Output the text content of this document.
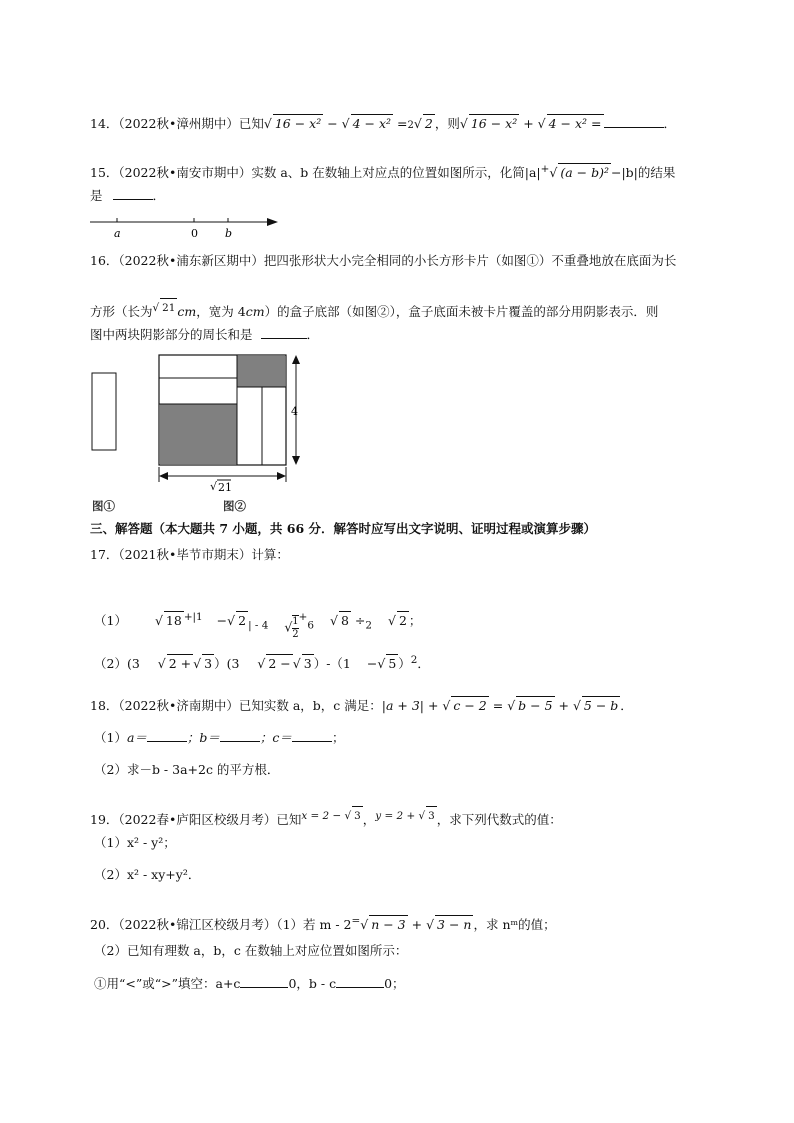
14．（2022秋•漳州期中）已知√ 16 − x² − √ 4 − x² =2√ 2 ，则√ 16 − x² + √ 4 − x² =	．
15．（2022秋•南安市期中）实数 a、b 在数轴上对应点的位置如图所示，化简|a|+√ (a − b)² −|b|的结果
是	．
a	0 b
16．（2022秋•浦东新区期中）把四张形状大小完全相同的小长方形卡片（如图①）不重叠地放在底面为长
方形（长为$^{√ 21}$ cm，宽为 4cm）的盒子底部（如图②），盒子底面未被卡片覆盖的部分用阴影表示．则
图中两块阴影部分的周长和是	．
4
√ 21
图①	图②
三、解答题（本大题共 7 小题，共 66 分．解答时应写出文字说明、证明过程或演算步骤）
17．（2021秋•毕节市期末）计算：
（1） √ 18 $^{+|1}$ −√ 2 $_{| - 4}$ √ $\frac{1}{2} ^+_6$ √ $8 \div_2$ √ 2 ；
（2）(3 √ 2 +√ 3 ）(3 √ 2 −√ 3 ）-（1 −√ 5 ）$^2$．
18．（2022秋•济南期中）已知实数 a，b，c 满足：|a + 3| + √ c − 2 = √ b − 5 + √ 5 − b ．
（1）a＝	；b＝	；c＝	；
（2）求－b - 3a+2c 的平方根．
19．（2022春•庐阳区校级月考）已知$^{x = 2 - √ 3}$ ，$^{y = 2 + √ 3}$ ，求下列代数式的值：
（1）x² - y²；
（2）x² - xy+y²．
20．（2022秋•锦江区校级月考）（1）若 m - 2=√ n − 3 + √ 3 − n ，求 nᵐ的值；
（2）已知有理数 a，b，c 在数轴上对应位置如图所示：
①用“<”或“>”填空：a+c	0，b - c	0；
